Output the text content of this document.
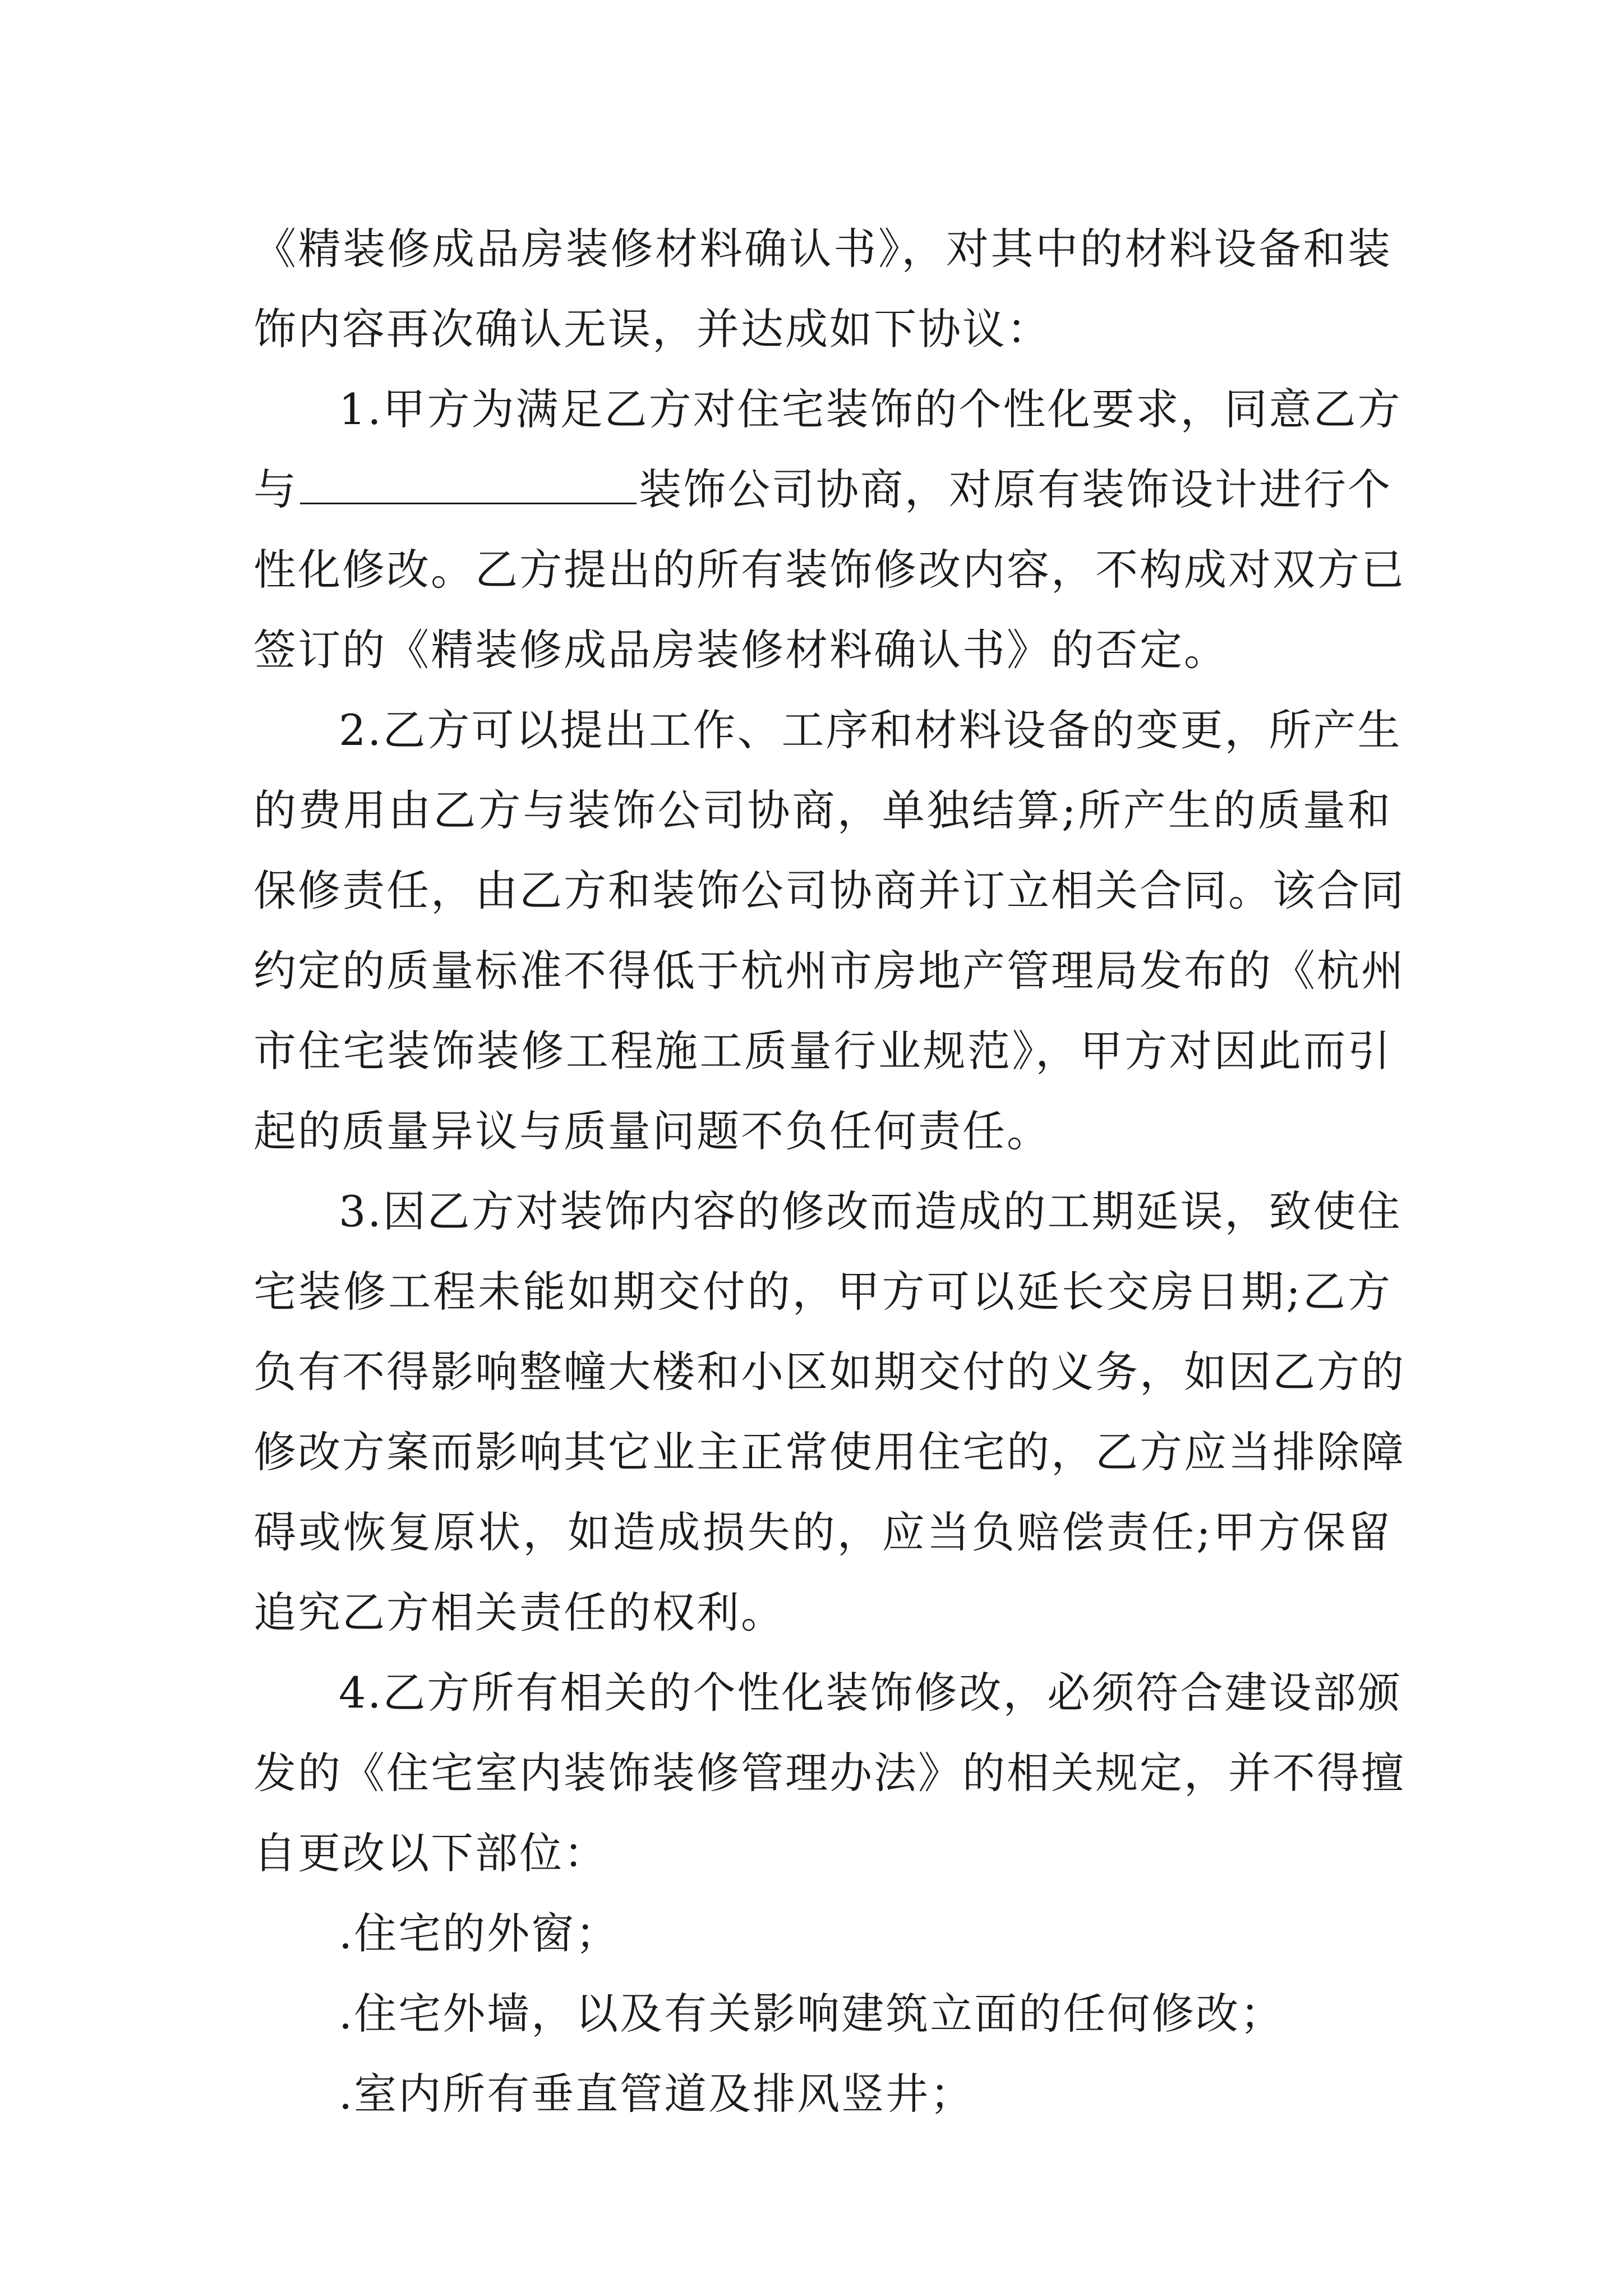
《精装修成品房装修材料确认书》，对其中的材料设备和装
饰内容再次确认无误，并达成如下协议：
1.甲方为满足乙方对住宅装饰的个性化要求，同意乙方
与	装饰公司协商，对原有装饰设计进行个
性化修改。乙方提出的所有装饰修改内容，不构成对双方已
签订的《精装修成品房装修材料确认书》的否定。
2.乙方可以提出工作、工序和材料设备的变更，所产生
的费用由乙方与装饰公司协商，单独结算;所产生的质量和
保修责任，由乙方和装饰公司协商并订立相关合同。该合同
约定的质量标准不得低于杭州市房地产管理局发布的《杭州
市住宅装饰装修工程施工质量行业规范》，甲方对因此而引
起的质量异议与质量问题不负任何责任。
3.因乙方对装饰内容的修改而造成的工期延误，致使住
宅装修工程未能如期交付的，甲方可以延长交房日期;乙方
负有不得影响整幢大楼和小区如期交付的义务，如因乙方的
修改方案而影响其它业主正常使用住宅的，乙方应当排除障
碍或恢复原状，如造成损失的，应当负赔偿责任;甲方保留
追究乙方相关责任的权利。
4.乙方所有相关的个性化装饰修改，必须符合建设部颁
发的《住宅室内装饰装修管理办法》的相关规定，并不得擅
自更改以下部位：
.住宅的外窗；
.住宅外墙，以及有关影响建筑立面的任何修改；
.室内所有垂直管道及排风竖井；
